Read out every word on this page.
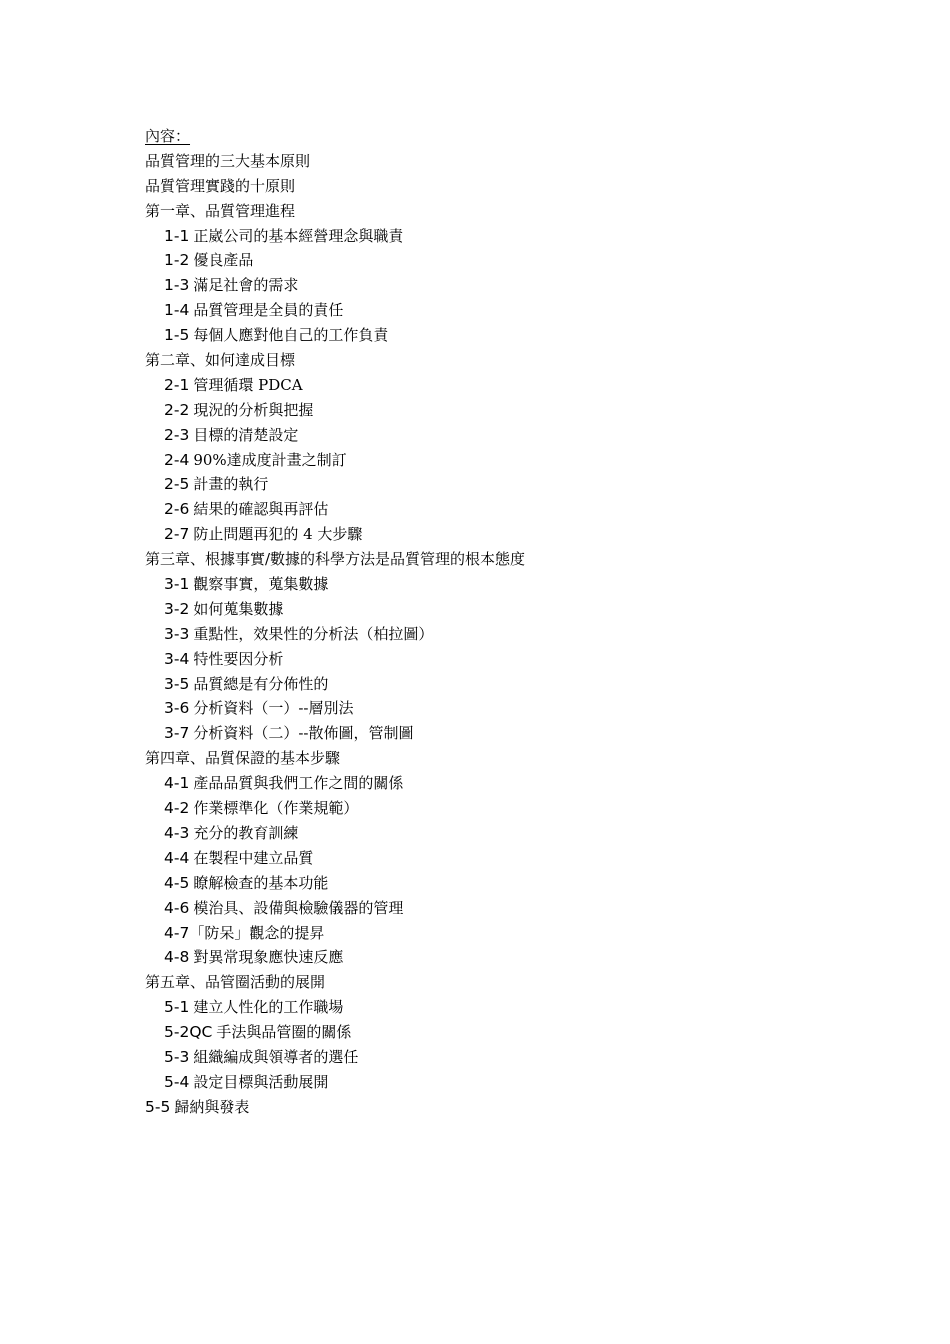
內容：
品質管理的三大基本原則
品質管理實踐的十原則
第一章、品質管理進程
1-1 正崴公司的基本經營理念與職責
1-2 優良產品
1-3 滿足社會的需求
1-4 品質管理是全員的責任
1-5 每個人應對他自己的工作負責
第二章、如何達成目標
2-1 管理循環 PDCA
2-2 現況的分析與把握
2-3 目標的清楚設定
2-4 90%達成度計畫之制訂
2-5 計畫的執行
2-6 結果的確認與再評估
2-7 防止問題再犯的 4 大步驟
第三章、根據事實/數據的科學方法是品質管理的根本態度
3-1 觀察事實，蒐集數據
3-2 如何蒐集數據
3-3 重點性，效果性的分析法（柏拉圖）
3-4 特性要因分析
3-5 品質總是有分佈性的
3-6 分析資料（一）--層別法
3-7 分析資料（二）--散佈圖，管制圖
第四章、品質保證的基本步驟
4-1 產品品質與我們工作之間的關係
4-2 作業標準化（作業規範）
4-3 充分的教育訓練
4-4 在製程中建立品質
4-5 瞭解檢查的基本功能
4-6 模治具、設備與檢驗儀器的管理
4-7「防呆」觀念的提昇
4-8 對異常現象應快速反應
第五章、品管圈活動的展開
5-1 建立人性化的工作職場
5-2QC 手法與品管圈的關係
5-3 組織編成與領導者的選任
5-4 設定目標與活動展開
5-5 歸納與發表
